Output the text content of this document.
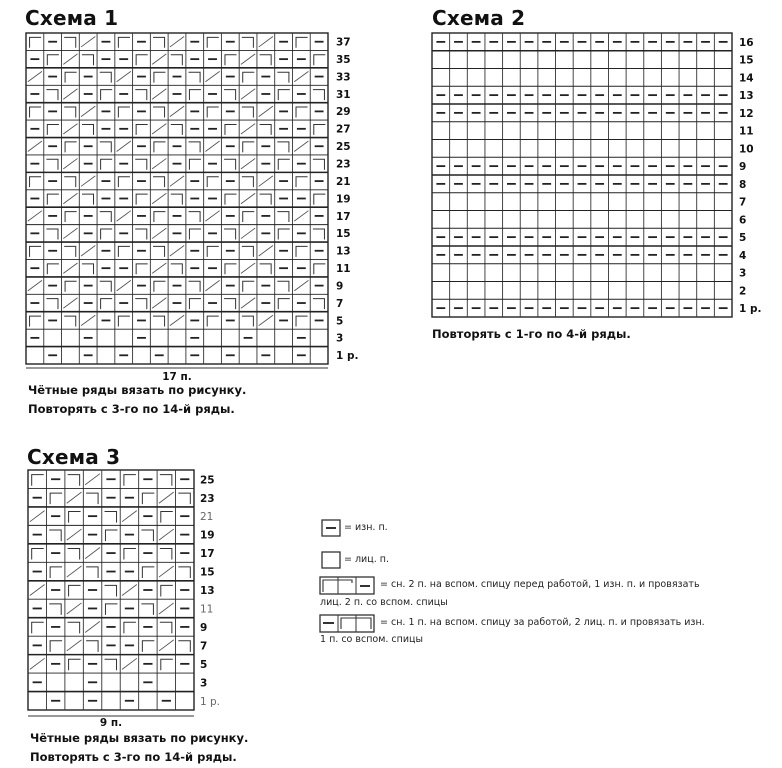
Схема 1	Схема 2
Схема 3
37
35
33
31
29
27
25
23
21
19
17
15
13
11
9
7
5
3
1 р.
17 п.
Чётные ряды вязать по рисунку.
Повторять с 3-го по 14-й ряды.
16
15
14
13
12
11
10
9
8
7
6
5
4
3
2
1 р.
Повторять с 1-го по 4-й ряды.
25
23
21
19
17
15
13
11
9
7
5
3
1 р.
9 п.
Чётные ряды вязать по рисунку.
Повторять с 3-го по 14-й ряды.
= изн. п.
= лиц. п.
= сн. 2 п. на вспом. спицу перед работой, 1 изн. п. и провязать
лиц. 2 п. со вспом. спицы
= сн. 1 п. на вспом. спицу за работой, 2 лиц. п. и провязать изн.
1 п. со вспом. спицы
